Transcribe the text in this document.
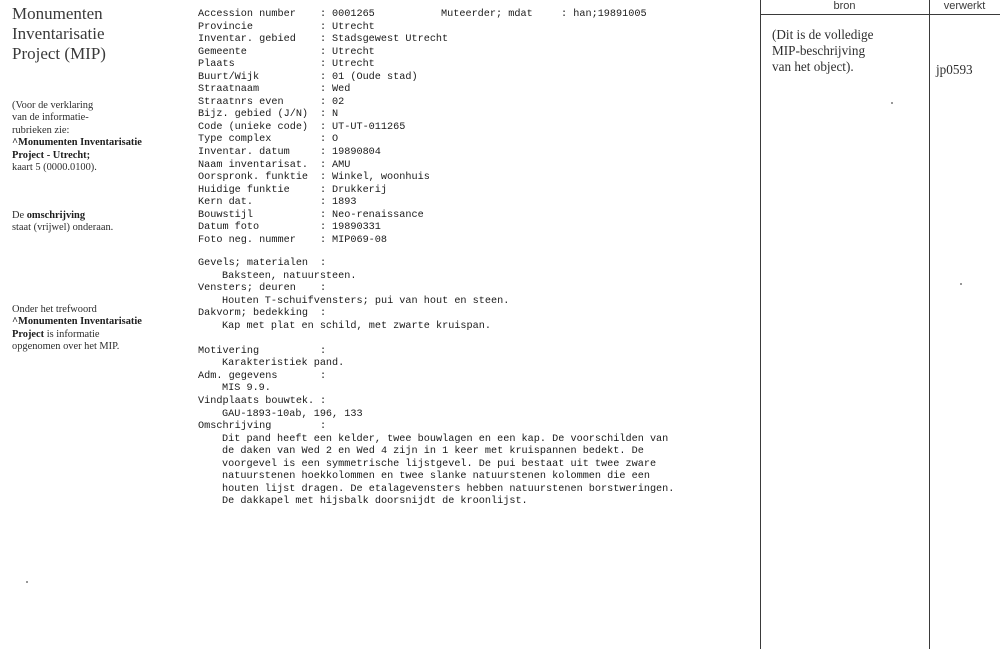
Monumenten
Inventarisatie
Project (MIP)
(Voor de verklaring
van de informatie-
rubrieken zie:
^Monumenten Inventarisatie
Project - Utrecht;
kaart 5 (0000.0100).
De omschrijving
staat (vrijwel) onderaan.
Onder het trefwoord
^Monumenten Inventarisatie
Project is informatie
opgenomen over het MIP.
Accession number : 0001265
Provincie	: Utrecht
Inventar. gebied : Stadsgewest Utrecht
Gemeente	: Utrecht
Plaats	: Utrecht
Buurt/Wijk	: 01 (Oude stad)
Straatnaam	: Wed
Straatnrs even	: 02
Bijz. gebied (J/N) : N
Code (unieke code) : UT-UT-011265
Type complex	: O
Inventar. datum	: 19890804
Naam inventarisat. : AMU
Oorspronk. funktie : Winkel, woonhuis
Huidige funktie	: Drukkerij
Kern dat.	: 1893
Bouwstijl	: Neo-renaissance
Datum foto	: 19890331
Foto neg. nummer : MIP069-08
Muteerder; mdat	: han;19891005
Gevels; materialen :
Baksteen, natuursteen.
Vensters; deuren :
Houten T-schuifvensters; pui van hout en steen.
Dakvorm; bedekking :
Kap met plat en schild, met zwarte kruispan.
Motivering	:
Karakteristiek pand.
Adm. gegevens	:
MIS 9.9.
Vindplaats bouwtek. :
GAU-1893-10ab, 196, 133
Omschrijving	:
Dit pand heeft een kelder, twee bouwlagen en een kap. De voorschilden van
de daken van Wed 2 en Wed 4 zijn in 1 keer met kruispannen bedekt. De
voorgevel is een symmetrische lijstgevel. De pui bestaat uit twee zware
natuurstenen hoekkolommen en twee slanke natuurstenen kolommen die een
houten lijst dragen. De etalagevensters hebben natuurstenen borstweringen.
De dakkapel met hijsbalk doorsnijdt de kroonlijst.
bron	verwerkt
(Dit is de volledige
MIP-beschrijving
van het object).	jp0593
